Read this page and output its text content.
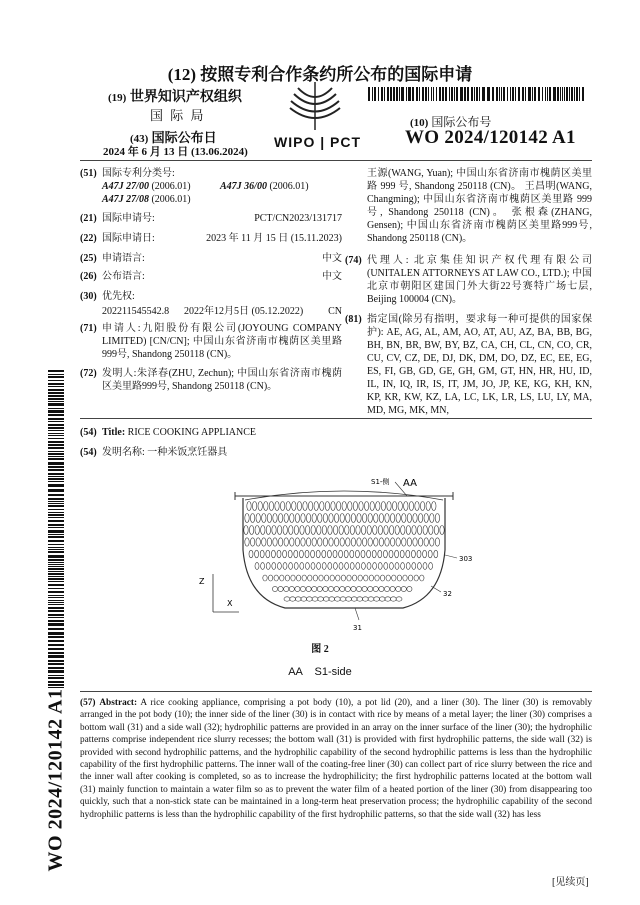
(12) 按照专利合作条约所公布的国际申请
(19) 世界知识产权组织
国 际 局
(43) 国际公布日
2024 年 6 月 13 日 (13.06.2024)
WIPO | PCT
(10) 国际公布号
WO 2024/120142 A1
(51) 国际专利分类号:
A47J 27/00 (2006.01)	A47J 36/00 (2006.01)
A47J 27/08 (2006.01)
(21) 国际申请号:	PCT/CN2023/131717
(22) 国际申请日:	2023 年 11 月 15 日 (15.11.2023)
(25) 申请语言:	中文
(26) 公布语言:	中文
(30) 优先权:
202211545542.8 2022年12月5日 (05.12.2022) CN
(71) 申请人:九阳股份有限公司(JOYOUNG COMPANY LIMITED) [CN/CN]; 中国山东省济南市槐荫区美里路999号, Shandong 250118 (CN)。
(72) 发明人:朱泽春(ZHU, Zechun); 中国山东省济南市槐荫区美里路999号, Shandong 250118 (CN)。
王源(WANG, Yuan); 中国山东省济南市槐荫区美里路 999 号, Shandong 250118 (CN)。 王昌明(WANG, Changming); 中国山东省济南市槐荫区美里路 999 号, Shandong 250118 (CN)。 张根森(ZHANG, Gensen); 中国山东省济南市槐荫区美里路999号, Shandong 250118 (CN)。
(74) 代理人: 北京集佳知识产权代理有限公司(UNITALEN ATTORNEYS AT LAW CO., LTD.); 中国北京市朝阳区建国门外大街22号赛特广场七层, Beijing 100004 (CN)。
(81) 指定国(除另有指明，要求每一种可提供的国家保护): AE, AG, AL, AM, AO, AT, AU, AZ, BA, BB, BG, BH, BN, BR, BW, BY, BZ, CA, CH, CL, CN, CO, CR, CU, CV, CZ, DE, DJ, DK, DM, DO, DZ, EC, EE, EG, ES, FI, GB, GD, GE, GH, GM, GT, HN, HR, HU, ID, IL, IN, IQ, IR, IS, IT, JM, JO, JP, KE, KG, KH, KN, KP, KR, KW, KZ, LA, LC, LK, LR, LS, LU, LY, MA, MD, MG, MK, MN,
(54) Title: RICE COOKING APPLIANCE
(54) 发明名称: 一种米饭烹饪器具
S1-侧 AA
303
32
31
Z
X
图 2
AA    S1-side
(57) Abstract: A rice cooking appliance, comprising a pot body (10), a pot lid (20), and a liner (30). The liner (30) is removably arranged in the pot body (10); the inner side of the liner (30) is in contact with rice by means of a metal layer; the liner (30) comprises a bottom wall (31) and a side wall (32); hydrophilic patterns are provided in an array on the inner surface of the liner (30); the hydrophilic patterns comprise independent rice slurry recesses; the bottom wall (31) is provided with first hydrophilic patterns, the side wall (32) is provided with second hydrophilic patterns, and the hydrophilic capability of the second hydrophilic patterns is less than the hydrophilic capability of the first hydrophilic patterns. The inner wall of the coating-free liner (30) can collect part of rice slurry between the rice and the inner wall after cooking is completed, so as to increase the hydrophilicity; the first hydrophilic patterns located at the bottom wall (31) mainly function to maintain a water film so as to prevent the water film of a heated portion of the liner (30) from disappearing too quickly, such that a non-stick state can be maintained in a long-term heat preservation process; the hydrophilic capability of the second hydrophilic patterns is less than the hydrophilic capability of the first hydrophilic patterns, so that the side wall (32) has less
WO 2024/120142 A1
[见续页]
